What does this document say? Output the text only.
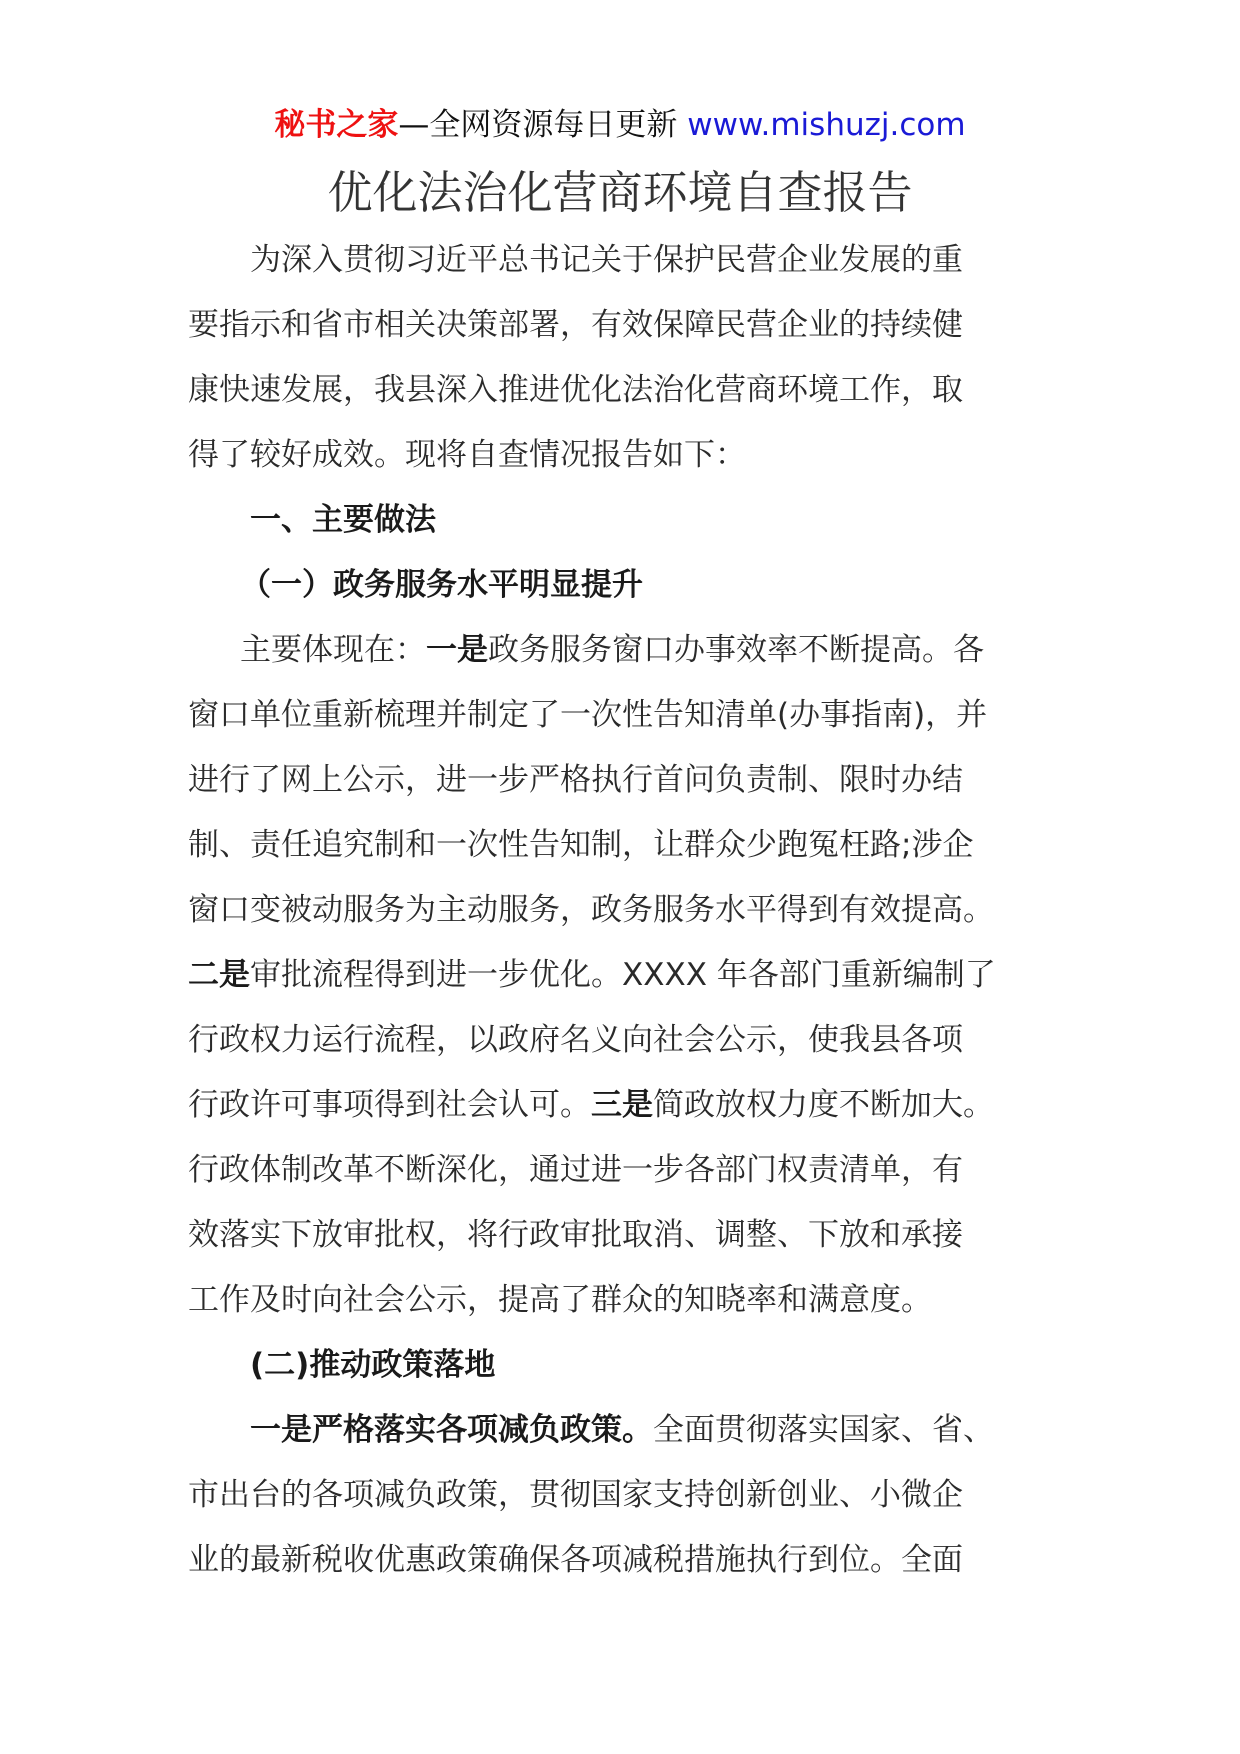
秘书之家—全网资源每日更新 www.mishuzj.com
优化法治化营商环境自查报告
为深入贯彻习近平总书记关于保护民营企业发展的重
要指示和省市相关决策部署，有效保障民营企业的持续健
康快速发展，我县深入推进优化法治化营商环境工作，取
得了较好成效。现将自查情况报告如下：
一、主要做法
（一）政务服务水平明显提升
主要体现在：一是政务服务窗口办事效率不断提高。各
窗口单位重新梳理并制定了一次性告知清单(办事指南)，并
进行了网上公示，进一步严格执行首问负责制、限时办结
制、责任追究制和一次性告知制，让群众少跑冤枉路;涉企
窗口变被动服务为主动服务，政务服务水平得到有效提高。
二是审批流程得到进一步优化。XXXX 年各部门重新编制了
行政权力运行流程，以政府名义向社会公示，使我县各项
行政许可事项得到社会认可。三是简政放权力度不断加大。
行政体制改革不断深化，通过进一步各部门权责清单，有
效落实下放审批权，将行政审批取消、调整、下放和承接
工作及时向社会公示，提高了群众的知晓率和满意度。
(二)推动政策落地
一是严格落实各项减负政策。全面贯彻落实国家、省、
市出台的各项减负政策，贯彻国家支持创新创业、小微企
业的最新税收优惠政策确保各项减税措施执行到位。全面
